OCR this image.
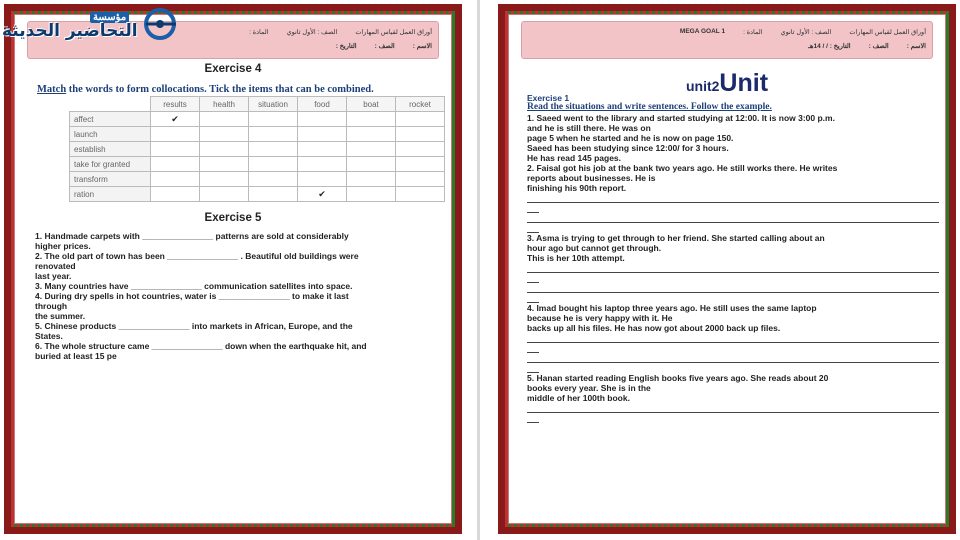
أوراق العمل لقياس المهارات
الصف : الأول ثانوي
المادة :
الاسم :
الصف :
التاريخ :
Exercise 4
Match the words to form collocations. Tick the items that can be combined.
	results	health	situation	food	boat	rocket
affect	✔					
launch						
establish						
take for granted						
transform						
ration				✔		
Exercise 5
1. Handmade carpets with _______________ patterns are sold at considerably
higher prices.
2. The old part of town has been _______________ . Beautiful old buildings were
renovated
last year.
3. Many countries have _______________ communication satellites into space.
4. During dry spells in hot countries, water is _______________ to make it last
through
the summer.
5. Chinese products _______________ into markets in African, Europe, and the
States.
6. The whole structure came _______________ down when the earthquake hit, and
buried at least 15 pe
مؤسسة
التحاضير الحديثة	أوراق العمل لقياس المهارات
الصف : الأول ثانوي
المادة :
MEGA GOAL 1
الاسم :
الصف :
التاريخ : / / 14هـ
unit2Unit
Exercise 1
Read the situations and write sentences. Follow the example.
1. Saeed went to the library and started studying at 12:00. It is now 3:00 p.m.
and he is still there. He was on
page 5 when he started and he is now on page 150.
Saeed has been studying since 12:00/ for 3 hours.
He has read 145 pages.
2. Faisal got his job at the bank two years ago. He still works there. He writes
reports about businesses. He is
finishing his 90th report.
3. Asma is trying to get through to her friend. She started calling about an
hour ago but cannot get through.
This is her 10th attempt.
4. Imad bought his laptop three years ago. He still uses the same laptop
because he is very happy with it. He
backs up all his files. He has now got about 2000 back up files.
5. Hanan started reading English books five years ago. She reads about 20
books every year. She is in the
middle of her 100th book.
